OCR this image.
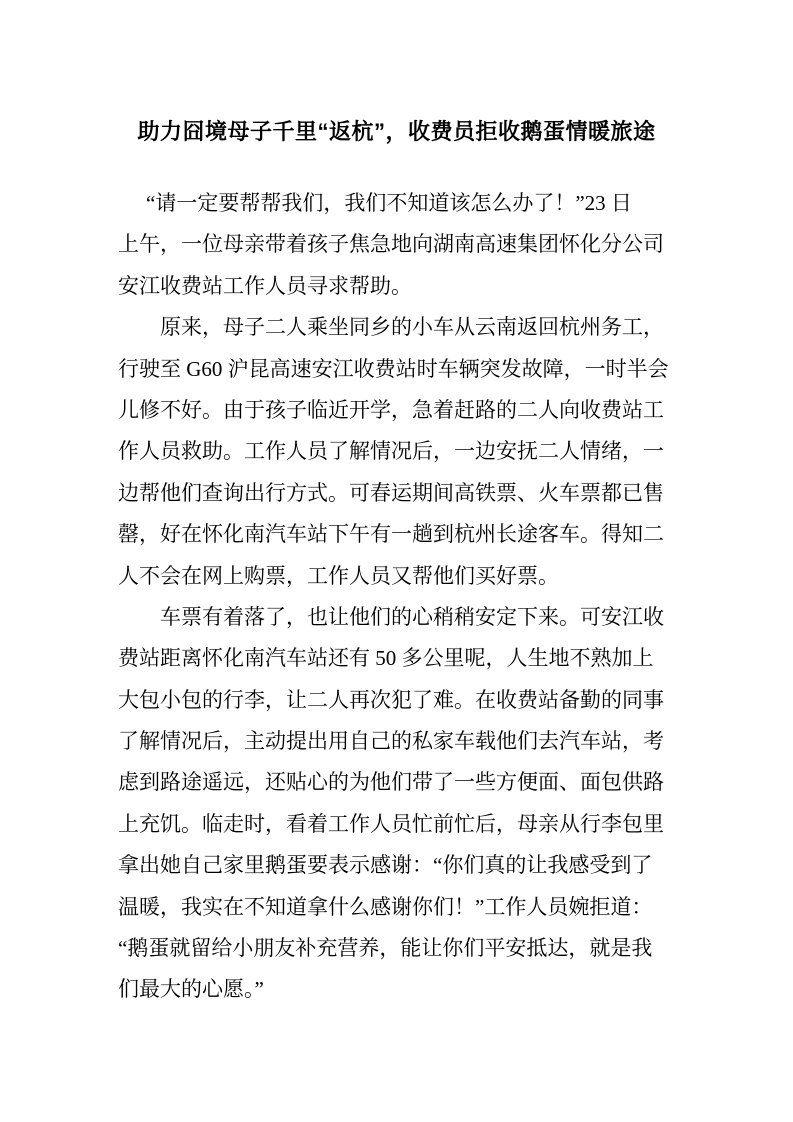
助力囧境母子千里“返杭”，收费员拒收鹅蛋情暖旅途
“请一定要帮帮我们，我们不知道该怎么办了！”23 日
上午，一位母亲带着孩子焦急地向湖南高速集团怀化分公司
安江收费站工作人员寻求帮助。
原来，母子二人乘坐同乡的小车从云南返回杭州务工，
行驶至 G60 沪昆高速安江收费站时车辆突发故障，一时半会
儿修不好。由于孩子临近开学，急着赶路的二人向收费站工
作人员救助。工作人员了解情况后，一边安抚二人情绪，一
边帮他们查询出行方式。可春运期间高铁票、火车票都已售
罄，好在怀化南汽车站下午有一趟到杭州长途客车。得知二
人不会在网上购票，工作人员又帮他们买好票。
车票有着落了，也让他们的心稍稍安定下来。可安江收
费站距离怀化南汽车站还有 50 多公里呢，人生地不熟加上
大包小包的行李，让二人再次犯了难。在收费站备勤的同事
了解情况后，主动提出用自己的私家车载他们去汽车站，考
虑到路途遥远，还贴心的为他们带了一些方便面、面包供路
上充饥。临走时，看着工作人员忙前忙后，母亲从行李包里
拿出她自己家里鹅蛋要表示感谢：“你们真的让我感受到了
温暖，我实在不知道拿什么感谢你们！”工作人员婉拒道：
“鹅蛋就留给小朋友补充营养，能让你们平安抵达，就是我
们最大的心愿。”
